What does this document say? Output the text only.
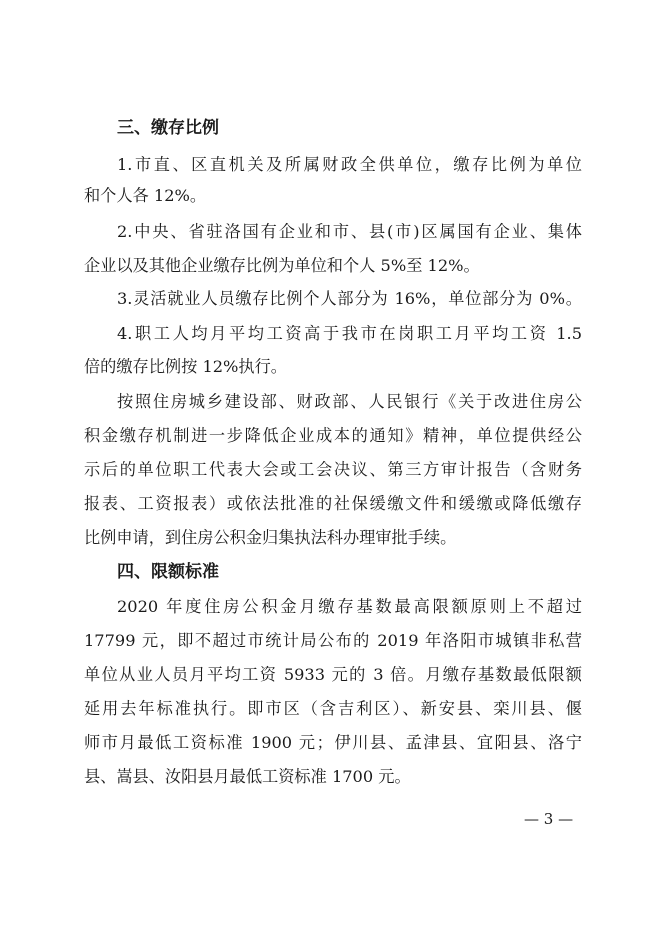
三、缴存比例
1.市直、区直机关及所属财政全供单位，缴存比例为单位
和个人各 12%。
2.中央、省驻洛国有企业和市、县(市)区属国有企业、集体
企业以及其他企业缴存比例为单位和个人 5%至 12%。
3.灵活就业人员缴存比例个人部分为 16%，单位部分为 0%。
4.职工人均月平均工资高于我市在岗职工月平均工资 1.5
倍的缴存比例按 12%执行。
按照住房城乡建设部、财政部、人民银行《关于改进住房公
积金缴存机制进一步降低企业成本的通知》精神，单位提供经公
示后的单位职工代表大会或工会决议、第三方审计报告（含财务
报表、工资报表）或依法批准的社保缓缴文件和缓缴或降低缴存
比例申请，到住房公积金归集执法科办理审批手续。
四、限额标准
2020 年度住房公积金月缴存基数最高限额原则上不超过
17799 元，即不超过市统计局公布的 2019 年洛阳市城镇非私营
单位从业人员月平均工资 5933 元的 3 倍。月缴存基数最低限额
延用去年标准执行。即市区（含吉利区）、新安县、栾川县、偃
师市月最低工资标准 1900 元；伊川县、孟津县、宜阳县、洛宁
县、嵩县、汝阳县月最低工资标准 1700 元。
— 3 —
